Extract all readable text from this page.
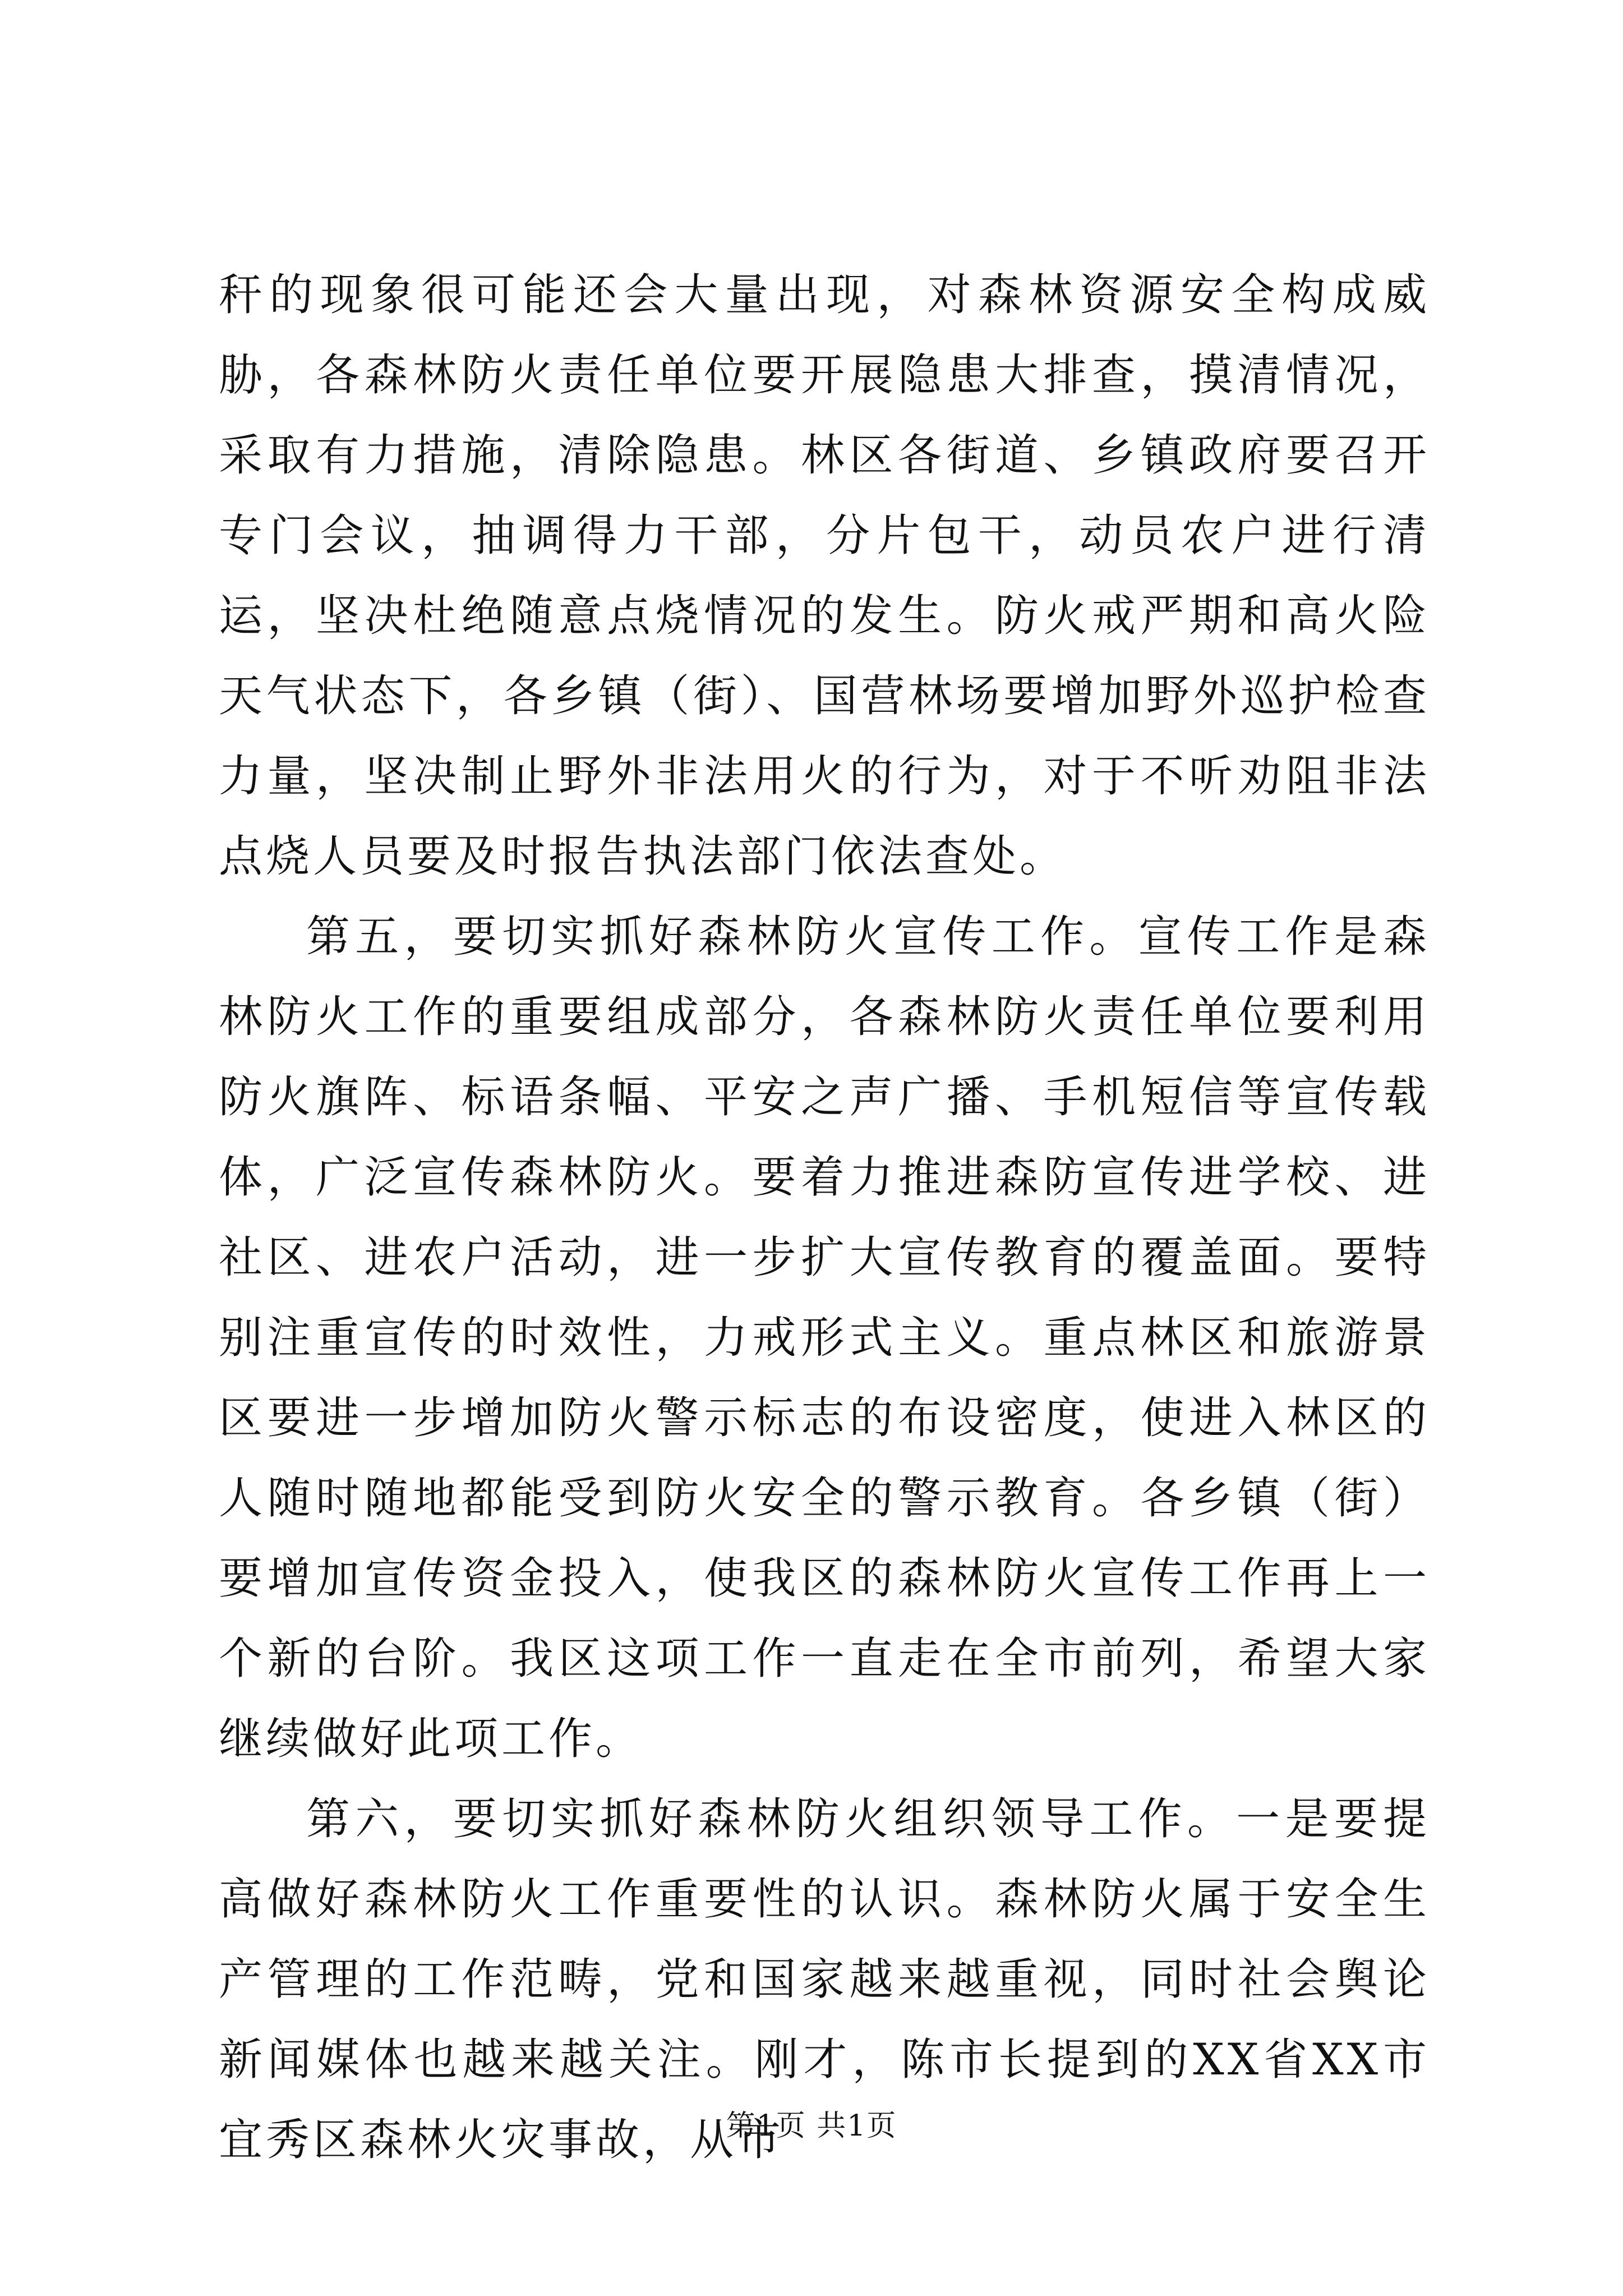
秆的现象很可能还会大量出现，对森林资源安全构成威胁，各森林防火责任单位要开展隐患大排查，摸清情况，采取有力措施，清除隐患。林区各街道、乡镇政府要召开专门会议，抽调得力干部，分片包干，动员农户进行清运，坚决杜绝随意点烧情况的发生。防火戒严期和高火险天气状态下，各乡镇（街）、国营林场要增加野外巡护检查力量，坚决制止野外非法用火的行为，对于不听劝阻非法点烧人员要及时报告执法部门依法查处。

第五，要切实抓好森林防火宣传工作。宣传工作是森林防火工作的重要组成部分，各森林防火责任单位要利用防火旗阵、标语条幅、平安之声广播、手机短信等宣传载体，广泛宣传森林防火。要着力推进森防宣传进学校、进社区、进农户活动，进一步扩大宣传教育的覆盖面。要特别注重宣传的时效性，力戒形式主义。重点林区和旅游景区要进一步增加防火警示标志的布设密度，使进入林区的人随时随地都能受到防火安全的警示教育。各乡镇（街）要增加宣传资金投入，使我区的森林防火宣传工作再上一个新的台阶。我区这项工作一直走在全市前列，希望大家继续做好此项工作。

第六，要切实抓好森林防火组织领导工作。一是要提高做好森林防火工作重要性的认识。森林防火属于安全生产管理的工作范畴，党和国家越来越重视，同时社会舆论新闻媒体也越来越关注。刚才，陈市长提到的XX省XX市宜秀区森林火灾事故，从市

第1页 共1页
